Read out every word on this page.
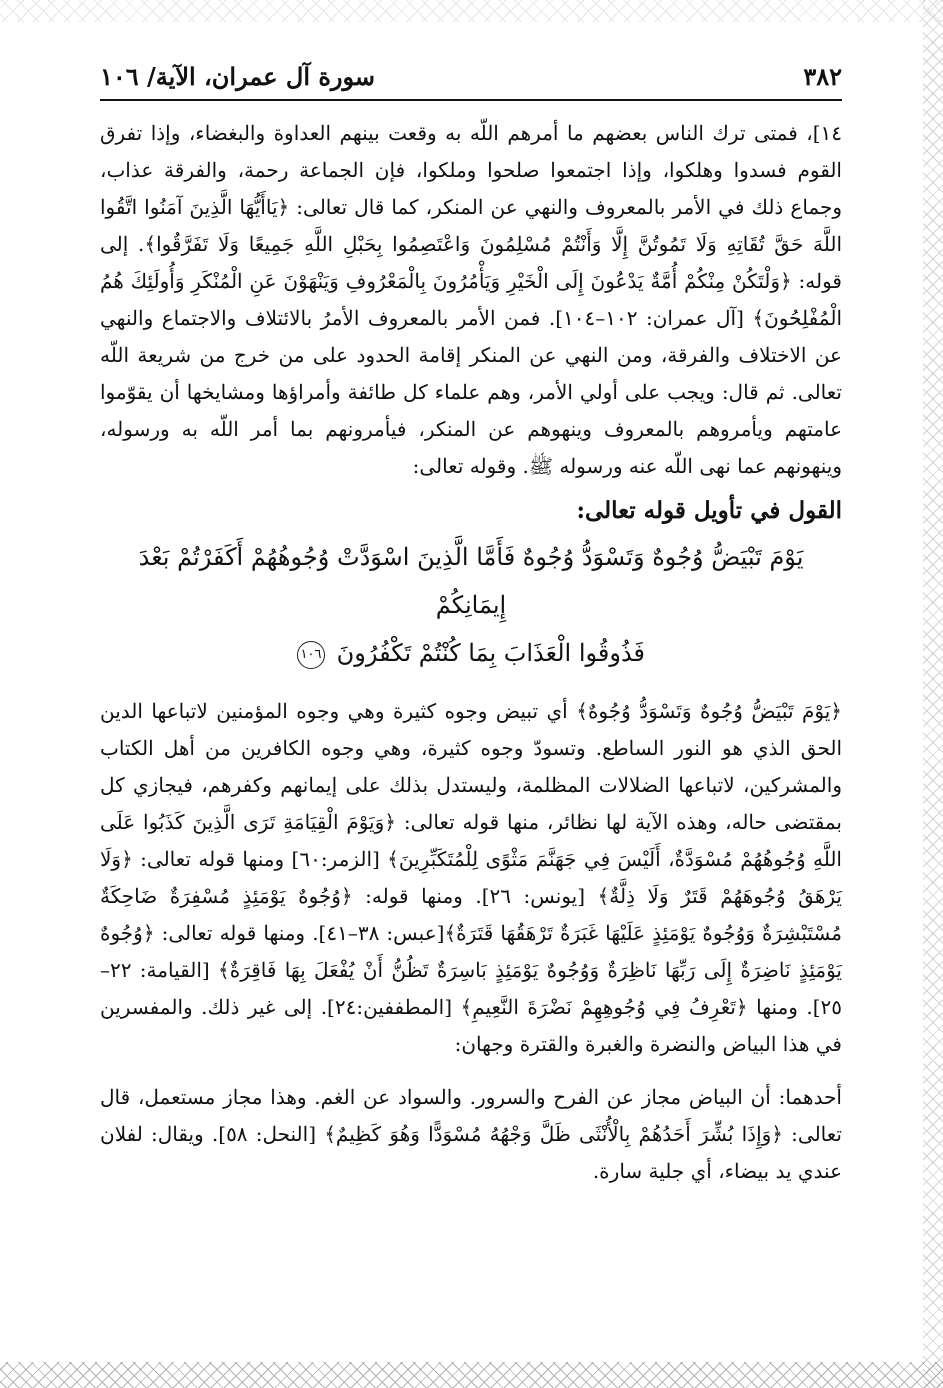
٣٨٢
سورة آل عمران، الآية/ ١٠٦

١٤]، فمتى ترك الناس بعضهم ما أمرهم اللّه به وقعت بينهم العداوة والبغضاء، وإذا تفرق القوم فسدوا وهلكوا، وإذا اجتمعوا صلحوا وملكوا، فإن الجماعة رحمة، والفرقة عذاب، وجماع ذلك في الأمر بالمعروف والنهي عن المنكر، كما قال تعالى: ﴿يَاأَيُّهَا الَّذِينَ آمَنُوا اتَّقُوا اللَّهَ حَقَّ تُقَاتِهِ وَلَا تَمُوتُنَّ إِلَّا وَأَنْتُمْ مُسْلِمُونَ وَاعْتَصِمُوا بِحَبْلِ اللَّهِ جَمِيعًا وَلَا تَفَرَّقُوا﴾. إلى قوله: ﴿وَلْتَكُنْ مِنْكُمْ أُمَّةٌ يَدْعُونَ إِلَى الْخَيْرِ وَيَأْمُرُونَ بِالْمَعْرُوفِ وَيَنْهَوْنَ عَنِ الْمُنْكَرِ وَأُولَئِكَ هُمُ الْمُفْلِحُونَ﴾ [آل عمران: ١٠٢–١٠٤]. فمن الأمر بالمعروف الأمرُ بالائتلاف والاجتماع والنهي عن الاختلاف والفرقة، ومن النهي عن المنكر إقامة الحدود على من خرج من شريعة اللّه تعالى. ثم قال: ويجب على أولي الأمر، وهم علماء كل طائفة وأمراؤها ومشايخها أن يقوّموا عامتهم ويأمروهم بالمعروف وينهوهم عن المنكر، فيأمرونهم بما أمر اللّه به ورسوله، وينهونهم عما نهى اللّه عنه ورسوله ﷺ. وقوله تعالى:

القول في تأويل قوله تعالى:
يَوْمَ تَبْيَضُّ وُجُوهٌ وَتَسْوَدُّ وُجُوهٌ فَأَمَّا الَّذِينَ اسْوَدَّتْ وُجُوهُهُمْ أَكَفَرْتُمْ بَعْدَ إِيمَانِكُمْ
فَذُوقُوا الْعَذَابَ بِمَا كُنْتُمْ تَكْفُرُونَ ١٠٦

﴿يَوْمَ تَبْيَضُّ وُجُوهٌ وَتَسْوَدُّ وُجُوهٌ﴾ أي تبيض وجوه كثيرة وهي وجوه المؤمنين لاتباعها الدين الحق الذي هو النور الساطع. وتسودّ وجوه كثيرة، وهي وجوه الكافرين من أهل الكتاب والمشركين، لاتباعها الضلالات المظلمة، وليستدل بذلك على إيمانهم وكفرهم، فيجازي كل بمقتضى حاله، وهذه الآية لها نظائر، منها قوله تعالى: ﴿وَيَوْمَ الْقِيَامَةِ تَرَى الَّذِينَ كَذَبُوا عَلَى اللَّهِ وُجُوهُهُمْ مُسْوَدَّةٌ، أَلَيْسَ فِي جَهَنَّمَ مَثْوًى لِلْمُتَكَبِّرِينَ﴾ [الزمر:٦٠] ومنها قوله تعالى: ﴿وَلَا يَرْهَقُ وُجُوهَهُمْ قَتَرٌ وَلَا ذِلَّةٌ﴾ [يونس: ٢٦]. ومنها قوله: ﴿وُجُوهٌ يَوْمَئِذٍ مُسْفِرَةٌ ضَاحِكَةٌ مُسْتَبْشِرَةٌ وَوُجُوهٌ يَوْمَئِذٍ عَلَيْهَا غَبَرَةٌ تَرْهَقُهَا قَتَرَةٌ﴾[عبس: ٣٨–٤١]. ومنها قوله تعالى: ﴿وُجُوهٌ يَوْمَئِذٍ نَاضِرَةٌ إِلَى رَبِّهَا نَاظِرَةٌ وَوُجُوهٌ يَوْمَئِذٍ بَاسِرَةٌ تَظُنُّ أَنْ يُفْعَلَ بِهَا فَاقِرَةٌ﴾ [القيامة: ٢٢–٢٥]. ومنها ﴿تَعْرِفُ فِي وُجُوهِهِمْ نَضْرَةَ النَّعِيمِ﴾ [المطففين:٢٤]. إلى غير ذلك. والمفسرين في هذا البياض والنضرة والغبرة والقترة وجهان:

أحدهما: أن البياض مجاز عن الفرح والسرور. والسواد عن الغم. وهذا مجاز مستعمل، قال تعالى: ﴿وَإِذَا بُشِّرَ أَحَدُهُمْ بِالْأُنْثَى ظَلَّ وَجْهُهُ مُسْوَدًّا وَهُوَ كَظِيمٌ﴾ [النحل: ٥٨]. ويقال: لفلان عندي يد بيضاء، أي جلية سارة.
